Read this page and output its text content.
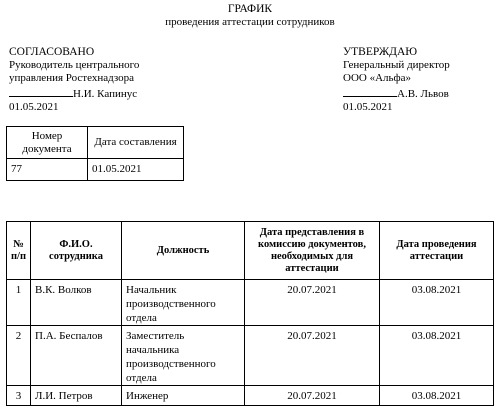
ГРАФИК
проведения аттестации сотрудников
СОГЛАСОВАНО
Руководитель центрального
управления Ростехнадзора
Н.И. Капинус
01.05.2021
УТВЕРЖДАЮ
Генеральный директор
ООО «Альфа»
А.В. Львов
01.05.2021
Номер документа	Дата составления
77	01.05.2021
№ п/п	Ф.И.О. сотрудника	Должность	Дата представления в комиссию документов, необходимых для аттестации	Дата проведения аттестации
1	В.К. Волков	Начальник производственного отдела	20.07.2021	03.08.2021
2	П.А. Беспалов	Заместитель начальника производственного отдела	20.07.2021	03.08.2021
3	Л.И. Петров	Инженер	20.07.2021	03.08.2021
